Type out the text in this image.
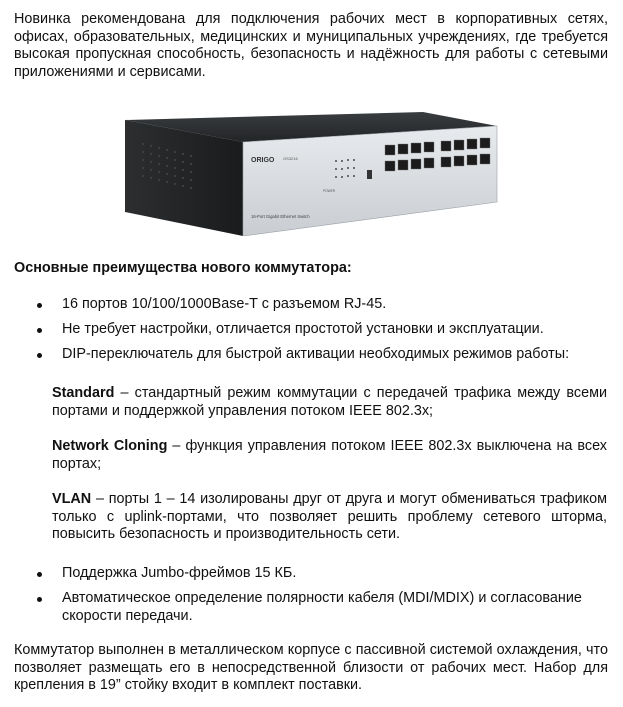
Новинка рекомендована для подключения рабочих мест в корпоративных сетях, офисах, образовательных, медицинских и муниципальных учреждениях, где требуется высокая пропускная способность, безопасность и надёжность для работы с сетевыми приложениями и сервисами.

ORIGO OS3216
16-Port Gigabit Ethernet Switch
POWER

Основные преимущества нового коммутатора:

16 портов 10/100/1000Base-T с разъемом RJ-45.
Не требует настройки, отличается простотой установки и эксплуатации.
DIP-переключатель для быстрой активации необходимых режимов работы:

Standard – стандартный режим коммутации с передачей трафика между всеми портами и поддержкой управления потоком IEEE 802.3x;

Network Cloning – функция управления потоком IEEE 802.3x выключена на всех портах;

VLAN – порты 1 – 14 изолированы друг от друга и могут обмениваться трафиком только с uplink-портами, что позволяет решить проблему сетевого шторма, повысить безопасность и производительность сети.

Поддержка Jumbo-фреймов 15 КБ.
Автоматическое определение полярности кабеля (MDI/MDIX) и согласование скорости передачи.

Коммутатор выполнен в металлическом корпусе с пассивной системой охлаждения, что позволяет размещать его в непосредственной близости от рабочих мест. Набор для крепления в 19” стойку входит в комплект поставки.
